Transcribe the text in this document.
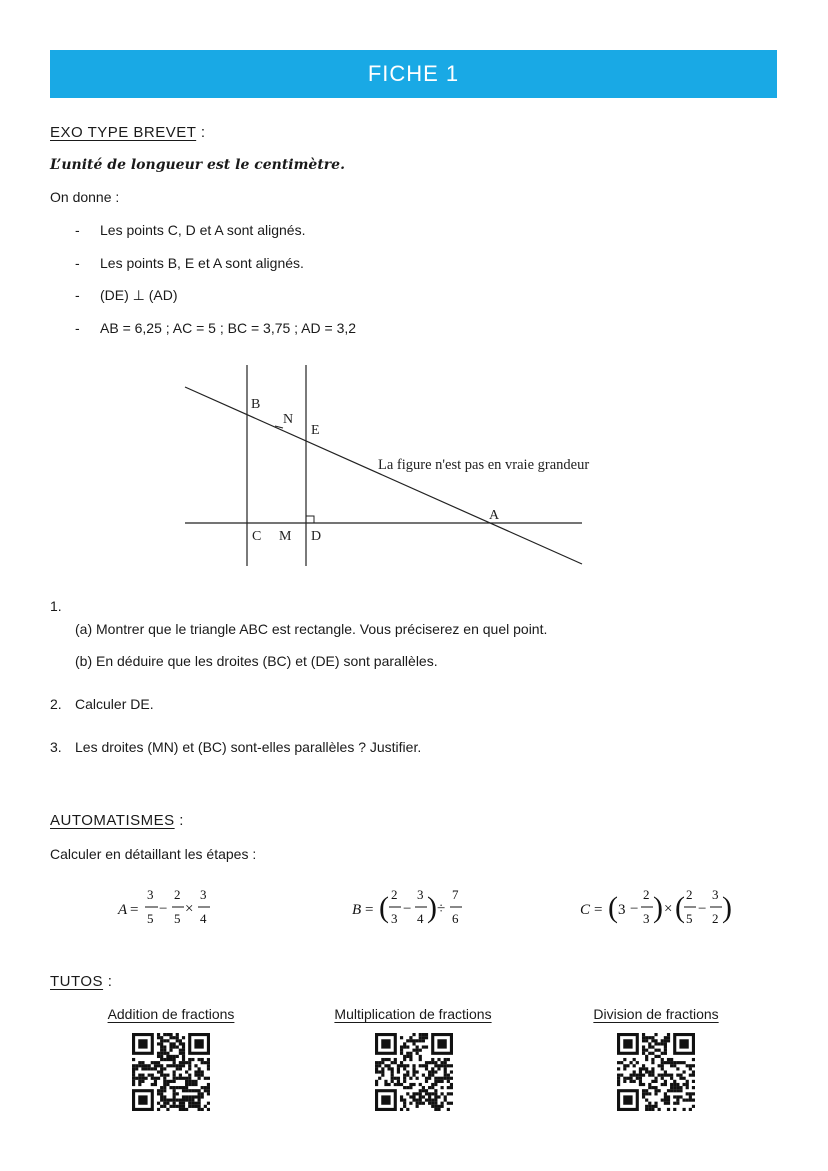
FICHE 1
EXO TYPE BREVET :
L’unité de longueur est le centimètre.
On donne :
- Les points C, D et A sont alignés.
- Les points B, E et A sont alignés.
- (DE) ⊥ (AD)
- AB = 6,25 ; AC = 5 ; BC = 3,75 ; AD = 3,2
B
N
E
A
C M D
La figure n'est pas en vraie grandeur
1.
(a) Montrer que le triangle ABC est rectangle. Vous préciserez en quel point.
(b) En déduire que les droites (BC) et (DE) sont parallèles.
2. Calculer DE.
3. Les droites (MN) et (BC) sont-elles parallèles ? Justifier.
AUTOMATISMES :
Calculer en détaillant les étapes :
A =
3
5
−
2
5
×
3
4
B = ( 2
3
−
3
4 ) ÷
7
6
C = ( 3 −
2
3 ) × ( 2
5
−
3
2 )
TUTOS :
Addition de fractions	Multiplication de fractions	Division de fractions
